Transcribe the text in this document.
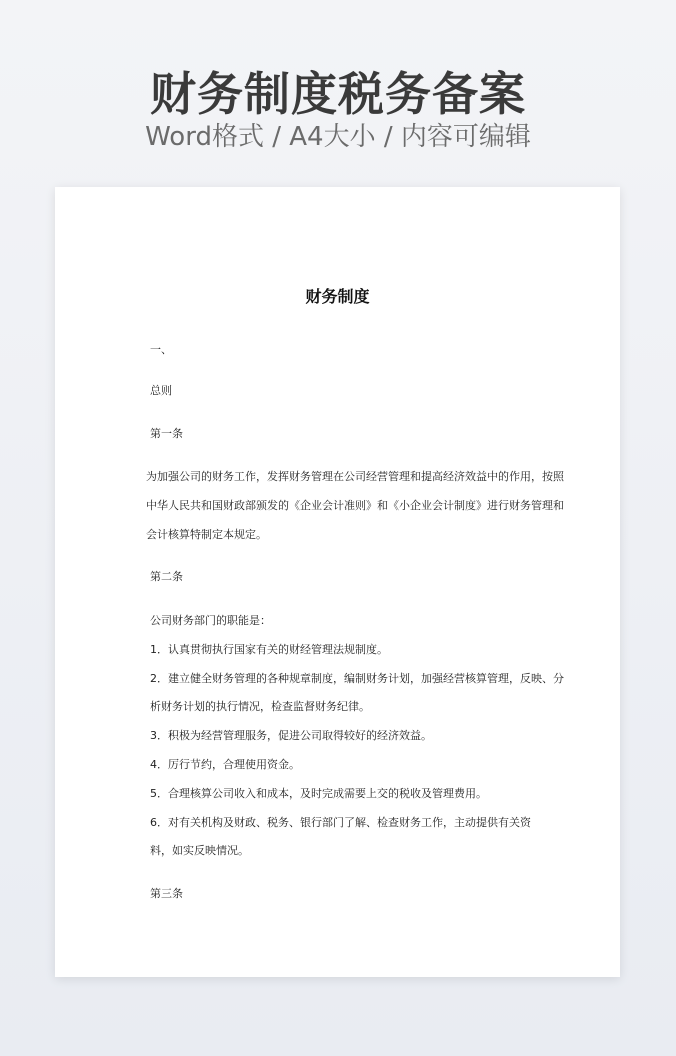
财务制度税务备案

Word格式 / A4大小 / 内容可编辑

财务制度
一、
总则
第一条
为加强公司的财务工作，发挥财务管理在公司经营管理和提高经济效益中的作用，按照
中华人民共和国财政部颁发的《企业会计准则》和《小企业会计制度》进行财务管理和
会计核算特制定本规定。
第二条
公司财务部门的职能是：
1．认真贯彻执行国家有关的财经管理法规制度。
2．建立健全财务管理的各种规章制度，编制财务计划，加强经营核算管理，反映、分
析财务计划的执行情况，检查监督财务纪律。
3．积极为经营管理服务，促进公司取得较好的经济效益。
4．厉行节约，合理使用资金。
5．合理核算公司收入和成本，及时完成需要上交的税收及管理费用。
6．对有关机构及财政、税务、银行部门了解、检查财务工作，主动提供有关资
料，如实反映情况。
第三条
